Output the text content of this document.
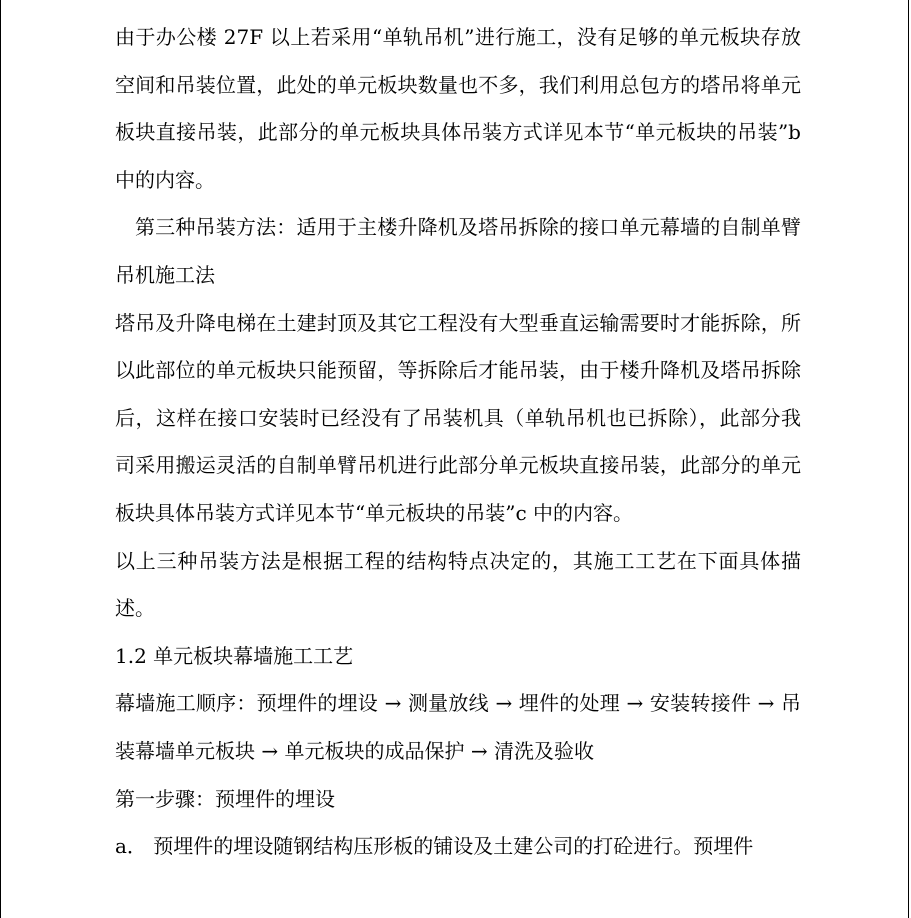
由于办公楼 27F 以上若采用“单轨吊机”进行施工，没有足够的单元板块存放空间和吊装位置，此处的单元板块数量也不多，我们利用总包方的塔吊将单元板块直接吊装，此部分的单元板块具体吊装方式详见本节“单元板块的吊装”b 中的内容。

第三种吊装方法：适用于主楼升降机及塔吊拆除的接口单元幕墙的自制单臂吊机施工法

塔吊及升降电梯在土建封顶及其它工程没有大型垂直运输需要时才能拆除，所以此部位的单元板块只能预留，等拆除后才能吊装，由于楼升降机及塔吊拆除后，这样在接口安装时已经没有了吊装机具（单轨吊机也已拆除），此部分我司采用搬运灵活的自制单臂吊机进行此部分单元板块直接吊装，此部分的单元板块具体吊装方式详见本节“单元板块的吊装”c 中的内容。

以上三种吊装方法是根据工程的结构特点决定的，其施工工艺在下面具体描述。

1.2 单元板块幕墙施工工艺

幕墙施工顺序：预埋件的埋设 → 测量放线 → 埋件的处理 → 安装转接件 → 吊装幕墙单元板块 → 单元板块的成品保护 → 清洗及验收

第一步骤：预埋件的埋设

a． 预埋件的埋设随钢结构压形板的铺设及土建公司的打砼进行。预埋件
